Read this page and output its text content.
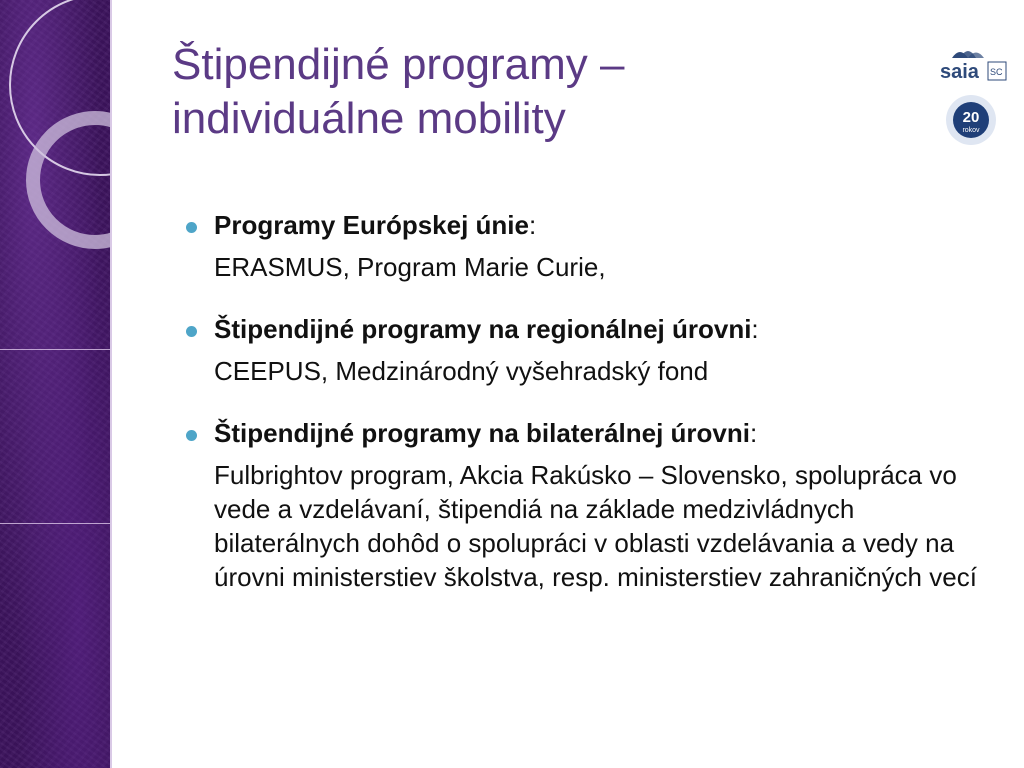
Štipendijné programy –
individuálne mobility
saia SC
20
rokov
Programy Európskej únie:
ERASMUS, Program Marie Curie,
Štipendijné programy na regionálnej úrovni:
CEEPUS, Medzinárodný vyšehradský fond
Štipendijné programy na bilaterálnej úrovni:
Fulbrightov program, Akcia Rakúsko – Slovensko, spolupráca vo vede a vzdelávaní, štipendiá na základe medzivládnych bilaterálnych dohôd o spolupráci v oblasti vzdelávania a vedy na úrovni ministerstiev školstva, resp. ministerstiev zahraničných vecí
